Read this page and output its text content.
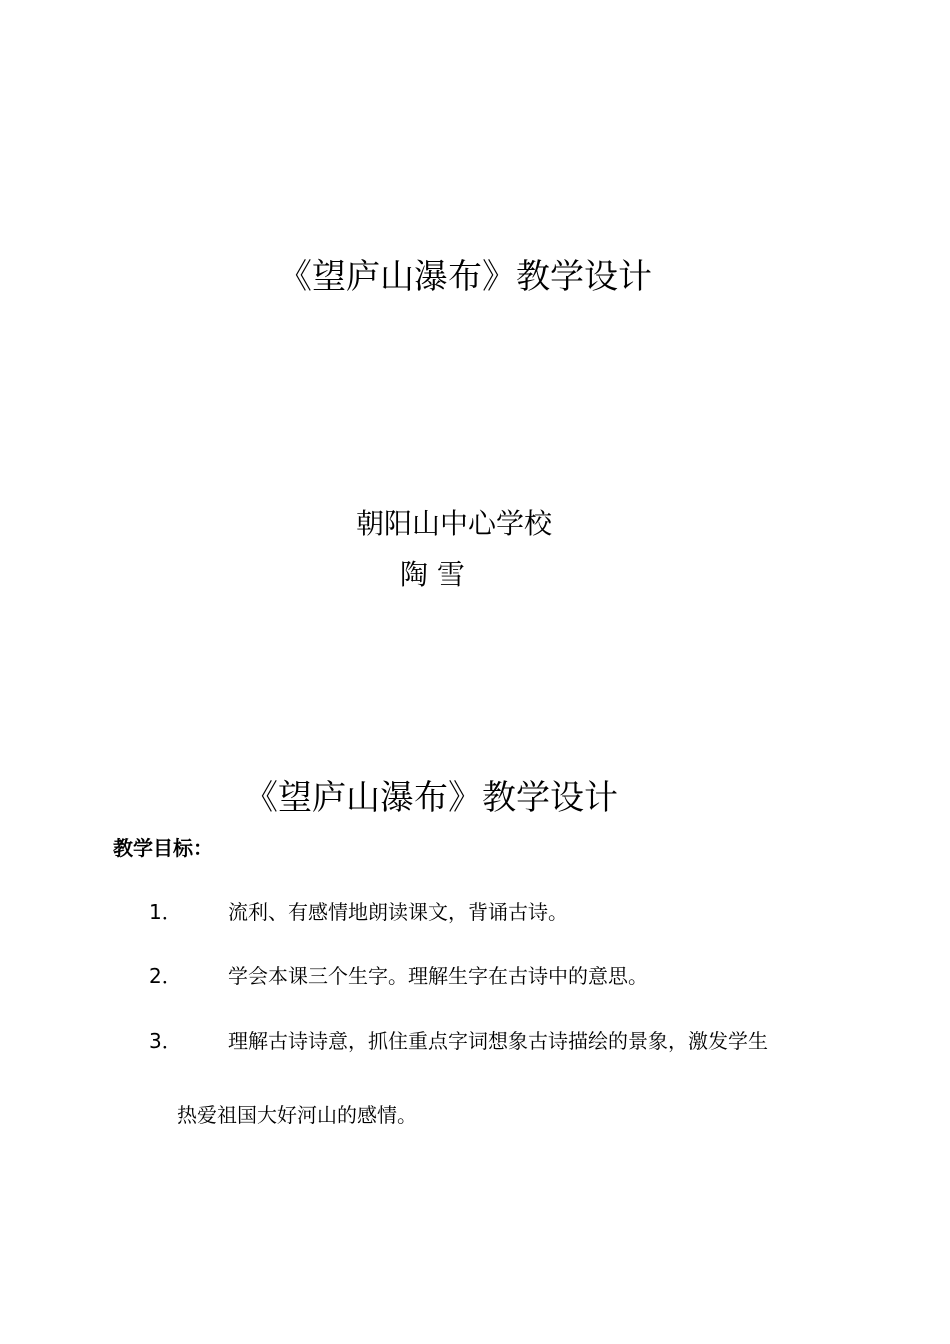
《望庐山瀑布》教学设计
朝阳山中心学校
陶 雪
《望庐山瀑布》教学设计
教学目标：
1． 流利、有感情地朗读课文，背诵古诗。
2． 学会本课三个生字。理解生字在古诗中的意思。
3． 理解古诗诗意，抓住重点字词想象古诗描绘的景象，激发学生
热爱祖国大好河山的感情。
